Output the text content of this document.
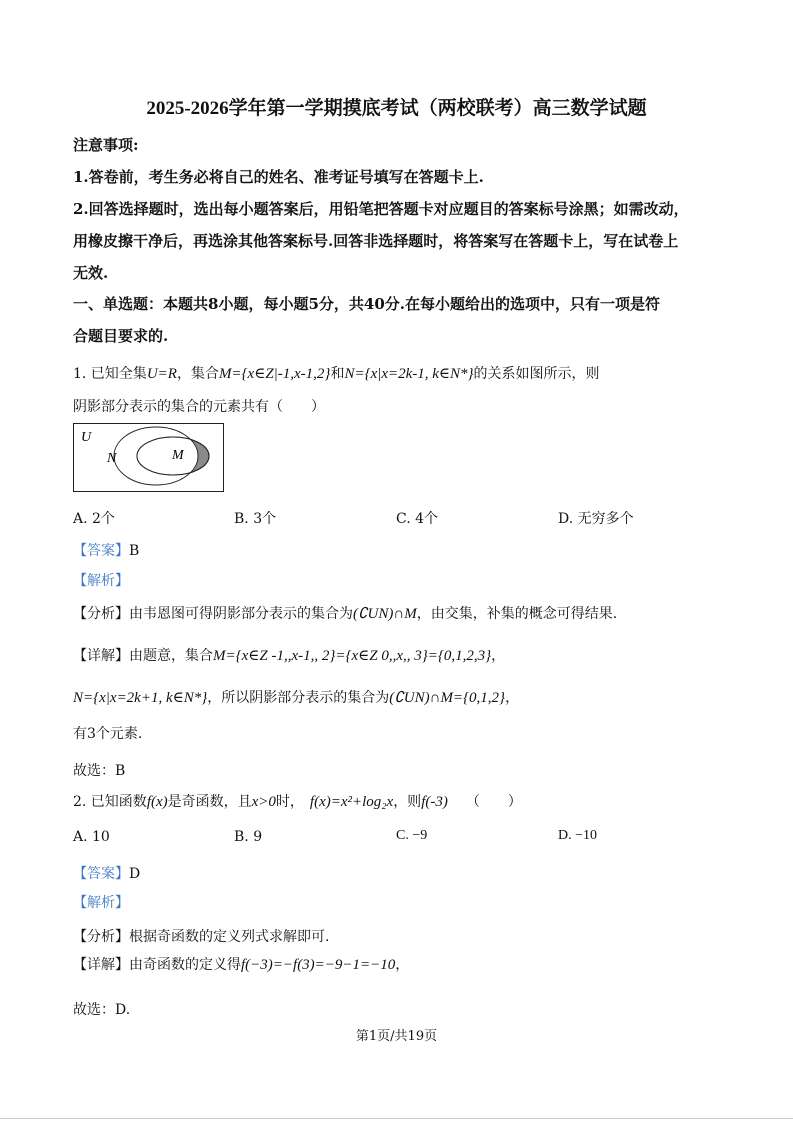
2025-2026学年第一学期摸底考试（两校联考）高三数学试题
注意事项:
1.答卷前，考生务必将自己的姓名、准考证号填写在答题卡上.
2.回答选择题时，选出每小题答案后，用铅笔把答题卡对应题目的答案标号涂黑；如需改动，
用橡皮擦干净后，再选涂其他答案标号.回答非选择题时，将答案写在答题卡上，写在试卷上
无效.
一、单选题：本题共8小题，每小题5分，共40分.在每小题给出的选项中，只有一项是符
合题目要求的.
1. 已知全集U=R，集合M={x∈Z|-1,x-1,2}和N={x|x=2k-1, k∈N*}的关系如图所示，则
阴影部分表示的集合的元素共有（　　）
U
N	M
A. 2个	B. 3个	C. 4个	D. 无穷多个
【答案】B
【解析】
【分析】由韦恩图可得阴影部分表示的集合为(∁UN)∩M，由交集，补集的概念可得结果.
【详解】由题意，集合M={x∈Z -1,,x-1,, 2}={x∈Z 0,,x,, 3}={0,1,2,3}，
N={x|x=2k+1, k∈N*}，所以阴影部分表示的集合为(∁UN)∩M={0,1,2}，
有3个元素.
故选：B
2. 已知函数f(x)是奇函数，且x>0时， f(x)=x²+log₂x，则f(-3) （　　）
A. 10	B. 9	C. −9	D. −10
【答案】D
【解析】
【分析】根据奇函数的定义列式求解即可.
【详解】由奇函数的定义得f(−3)=−f(3)=−9−1=−10，
故选：D.
第1页/共19页
